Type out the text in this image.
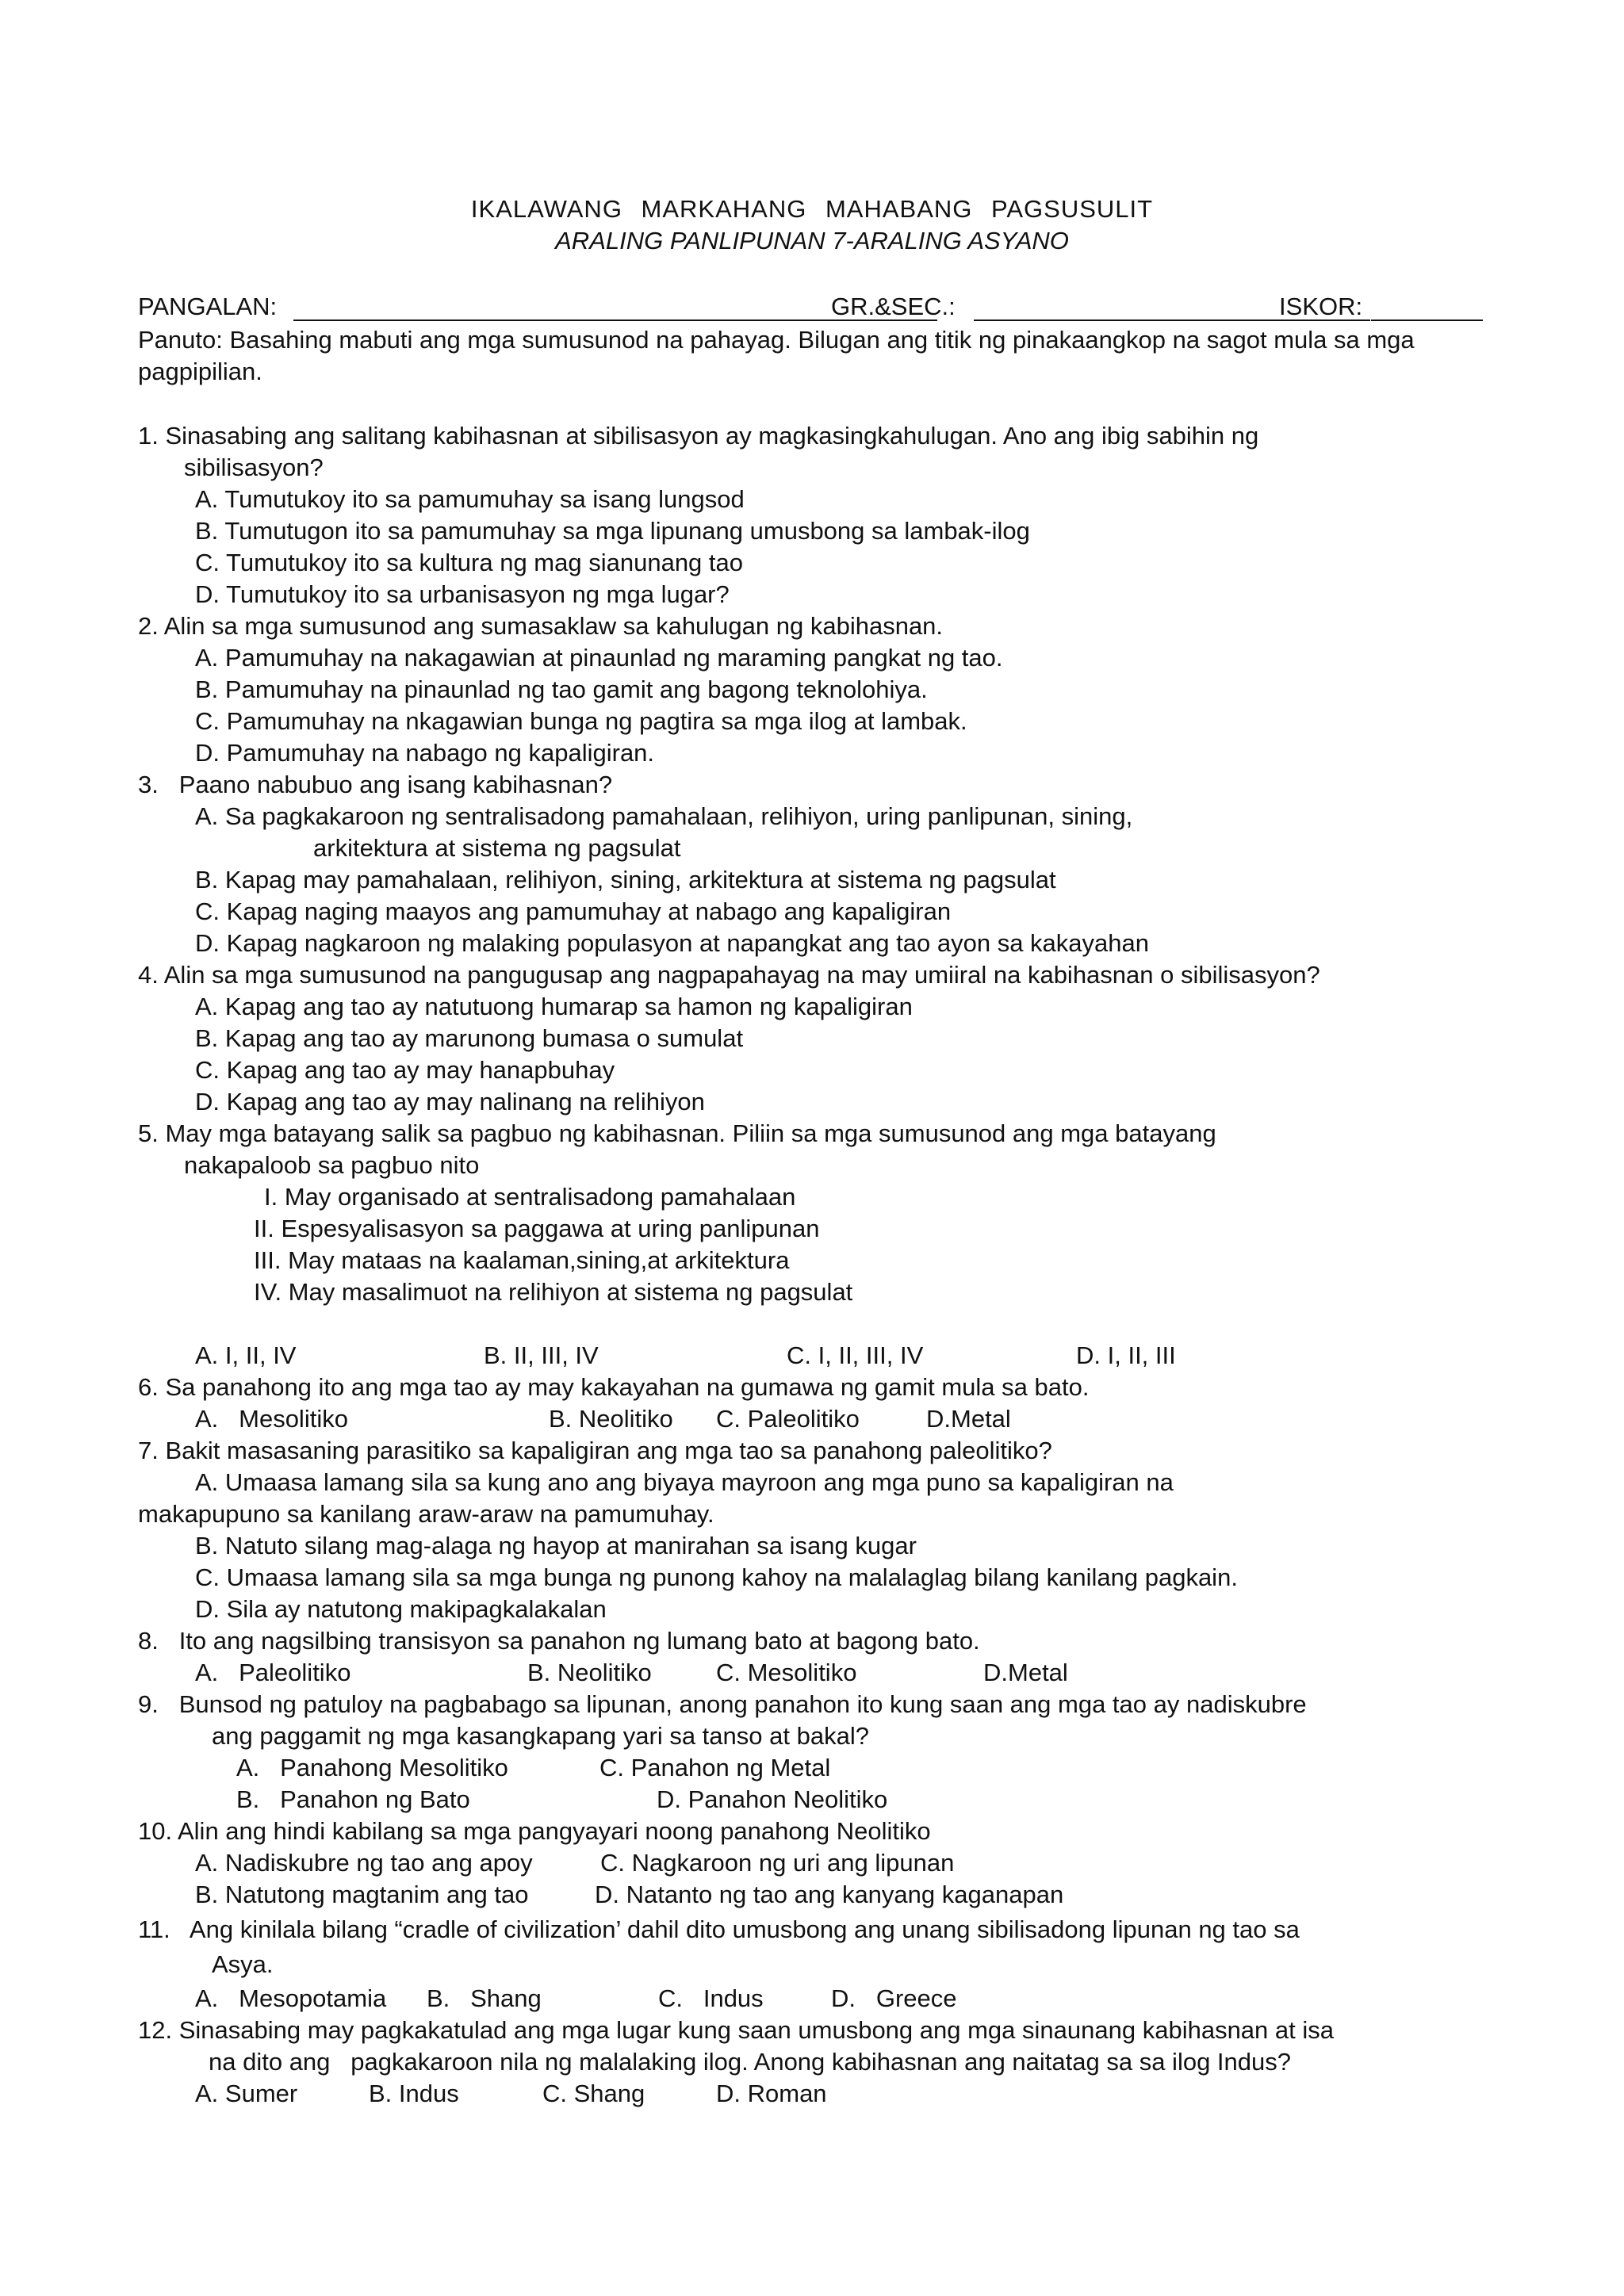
IKALAWANG MARKAHANG MAHABANG PAGSUSULIT
ARALING PANLIPUNAN 7-ARALING ASYANO
PANGALAN:	GR.&SEC.:	ISKOR:
Panuto: Basahing mabuti ang mga sumusunod na pahayag. Bilugan ang titik ng pinakaangkop na sagot mula sa mga pagpipilian.
1. Sinasabing ang salitang kabihasnan at sibilisasyon ay magkasingkahulugan. Ano ang ibig sabihin ng
sibilisasyon?
A. Tumutukoy ito sa pamumuhay sa isang lungsod
B. Tumutugon ito sa pamumuhay sa mga lipunang umusbong sa lambak-ilog
C. Tumutukoy ito sa kultura ng mag sianunang tao
D. Tumutukoy ito sa urbanisasyon ng mga lugar?
2. Alin sa mga sumusunod ang sumasaklaw sa kahulugan ng kabihasnan.
A. Pamumuhay na nakagawian at pinaunlad ng maraming pangkat ng tao.
B. Pamumuhay na pinaunlad ng tao gamit ang bagong teknolohiya.
C. Pamumuhay na nkagawian bunga ng pagtira sa mga ilog at lambak.
D. Pamumuhay na nabago ng kapaligiran.
3.   Paano nabubuo ang isang kabihasnan?
A. Sa pagkakaroon ng sentralisadong pamahalaan, relihiyon, uring panlipunan, sining,
arkitektura at sistema ng pagsulat
B. Kapag may pamahalaan, relihiyon, sining, arkitektura at sistema ng pagsulat
C. Kapag naging maayos ang pamumuhay at nabago ang kapaligiran
D. Kapag nagkaroon ng malaking populasyon at napangkat ang tao ayon sa kakayahan
4. Alin sa mga sumusunod na pangugusap ang nagpapahayag na may umiiral na kabihasnan o sibilisasyon?
A. Kapag ang tao ay natutuong humarap sa hamon ng kapaligiran
B. Kapag ang tao ay marunong bumasa o sumulat
C. Kapag ang tao ay may hanapbuhay
D. Kapag ang tao ay may nalinang na relihiyon
5. May mga batayang salik sa pagbuo ng kabihasnan. Piliin sa mga sumusunod ang mga batayang
nakapaloob sa pagbuo nito
I. May organisado at sentralisadong pamahalaan
II. Espesyalisasyon sa paggawa at uring panlipunan
III. May mataas na kaalaman,sining,at arkitektura
IV. May masalimuot na relihiyon at sistema ng pagsulat
A. I, II, IV	B. II, III, IV	C. I, II, III, IV	D. I, II, III
6. Sa panahong ito ang mga tao ay may kakayahan na gumawa ng gamit mula sa bato.
A.   Mesolitiko	B. Neolitiko C. Paleolitiko	D.Metal
7. Bakit masasaning parasitiko sa kapaligiran ang mga tao sa panahong paleolitiko?
A. Umaasa lamang sila sa kung ano ang biyaya mayroon ang mga puno sa kapaligiran na
makapupuno sa kanilang araw-araw na pamumuhay.
B. Natuto silang mag-alaga ng hayop at manirahan sa isang kugar
C. Umaasa lamang sila sa mga bunga ng punong kahoy na malalaglag bilang kanilang pagkain.
D. Sila ay natutong makipagkalakalan
8.   Ito ang nagsilbing transisyon sa panahon ng lumang bato at bagong bato.
A.   Paleolitiko	B. Neolitiko	C. Mesolitiko	D.Metal
9.   Bunsod ng patuloy na pagbabago sa lipunan, anong panahon ito kung saan ang mga tao ay nadiskubre
ang paggamit ng mga kasangkapang yari sa tanso at bakal?
A.   Panahong Mesolitiko	C. Panahon ng Metal
B.   Panahon ng Bato	D. Panahon Neolitiko
10. Alin ang hindi kabilang sa mga pangyayari noong panahong Neolitiko
A. Nadiskubre ng tao ang apoy	C. Nagkaroon ng uri ang lipunan
B. Natutong magtanim ang tao	D. Natanto ng tao ang kanyang kaganapan
11.   Ang kinilala bilang “cradle of civilization’ dahil dito umusbong ang unang sibilisadong lipunan ng tao sa
Asya.
A.   Mesopotamia B.   Shang	C.   Indus	D.   Greece
12. Sinasabing may pagkakatulad ang mga lugar kung saan umusbong ang mga sinaunang kabihasnan at isa
na dito ang   pagkakaroon nila ng malalaking ilog. Anong kabihasnan ang naitatag sa sa ilog Indus?
A. Sumer	B. Indus	C. Shang	D. Roman
